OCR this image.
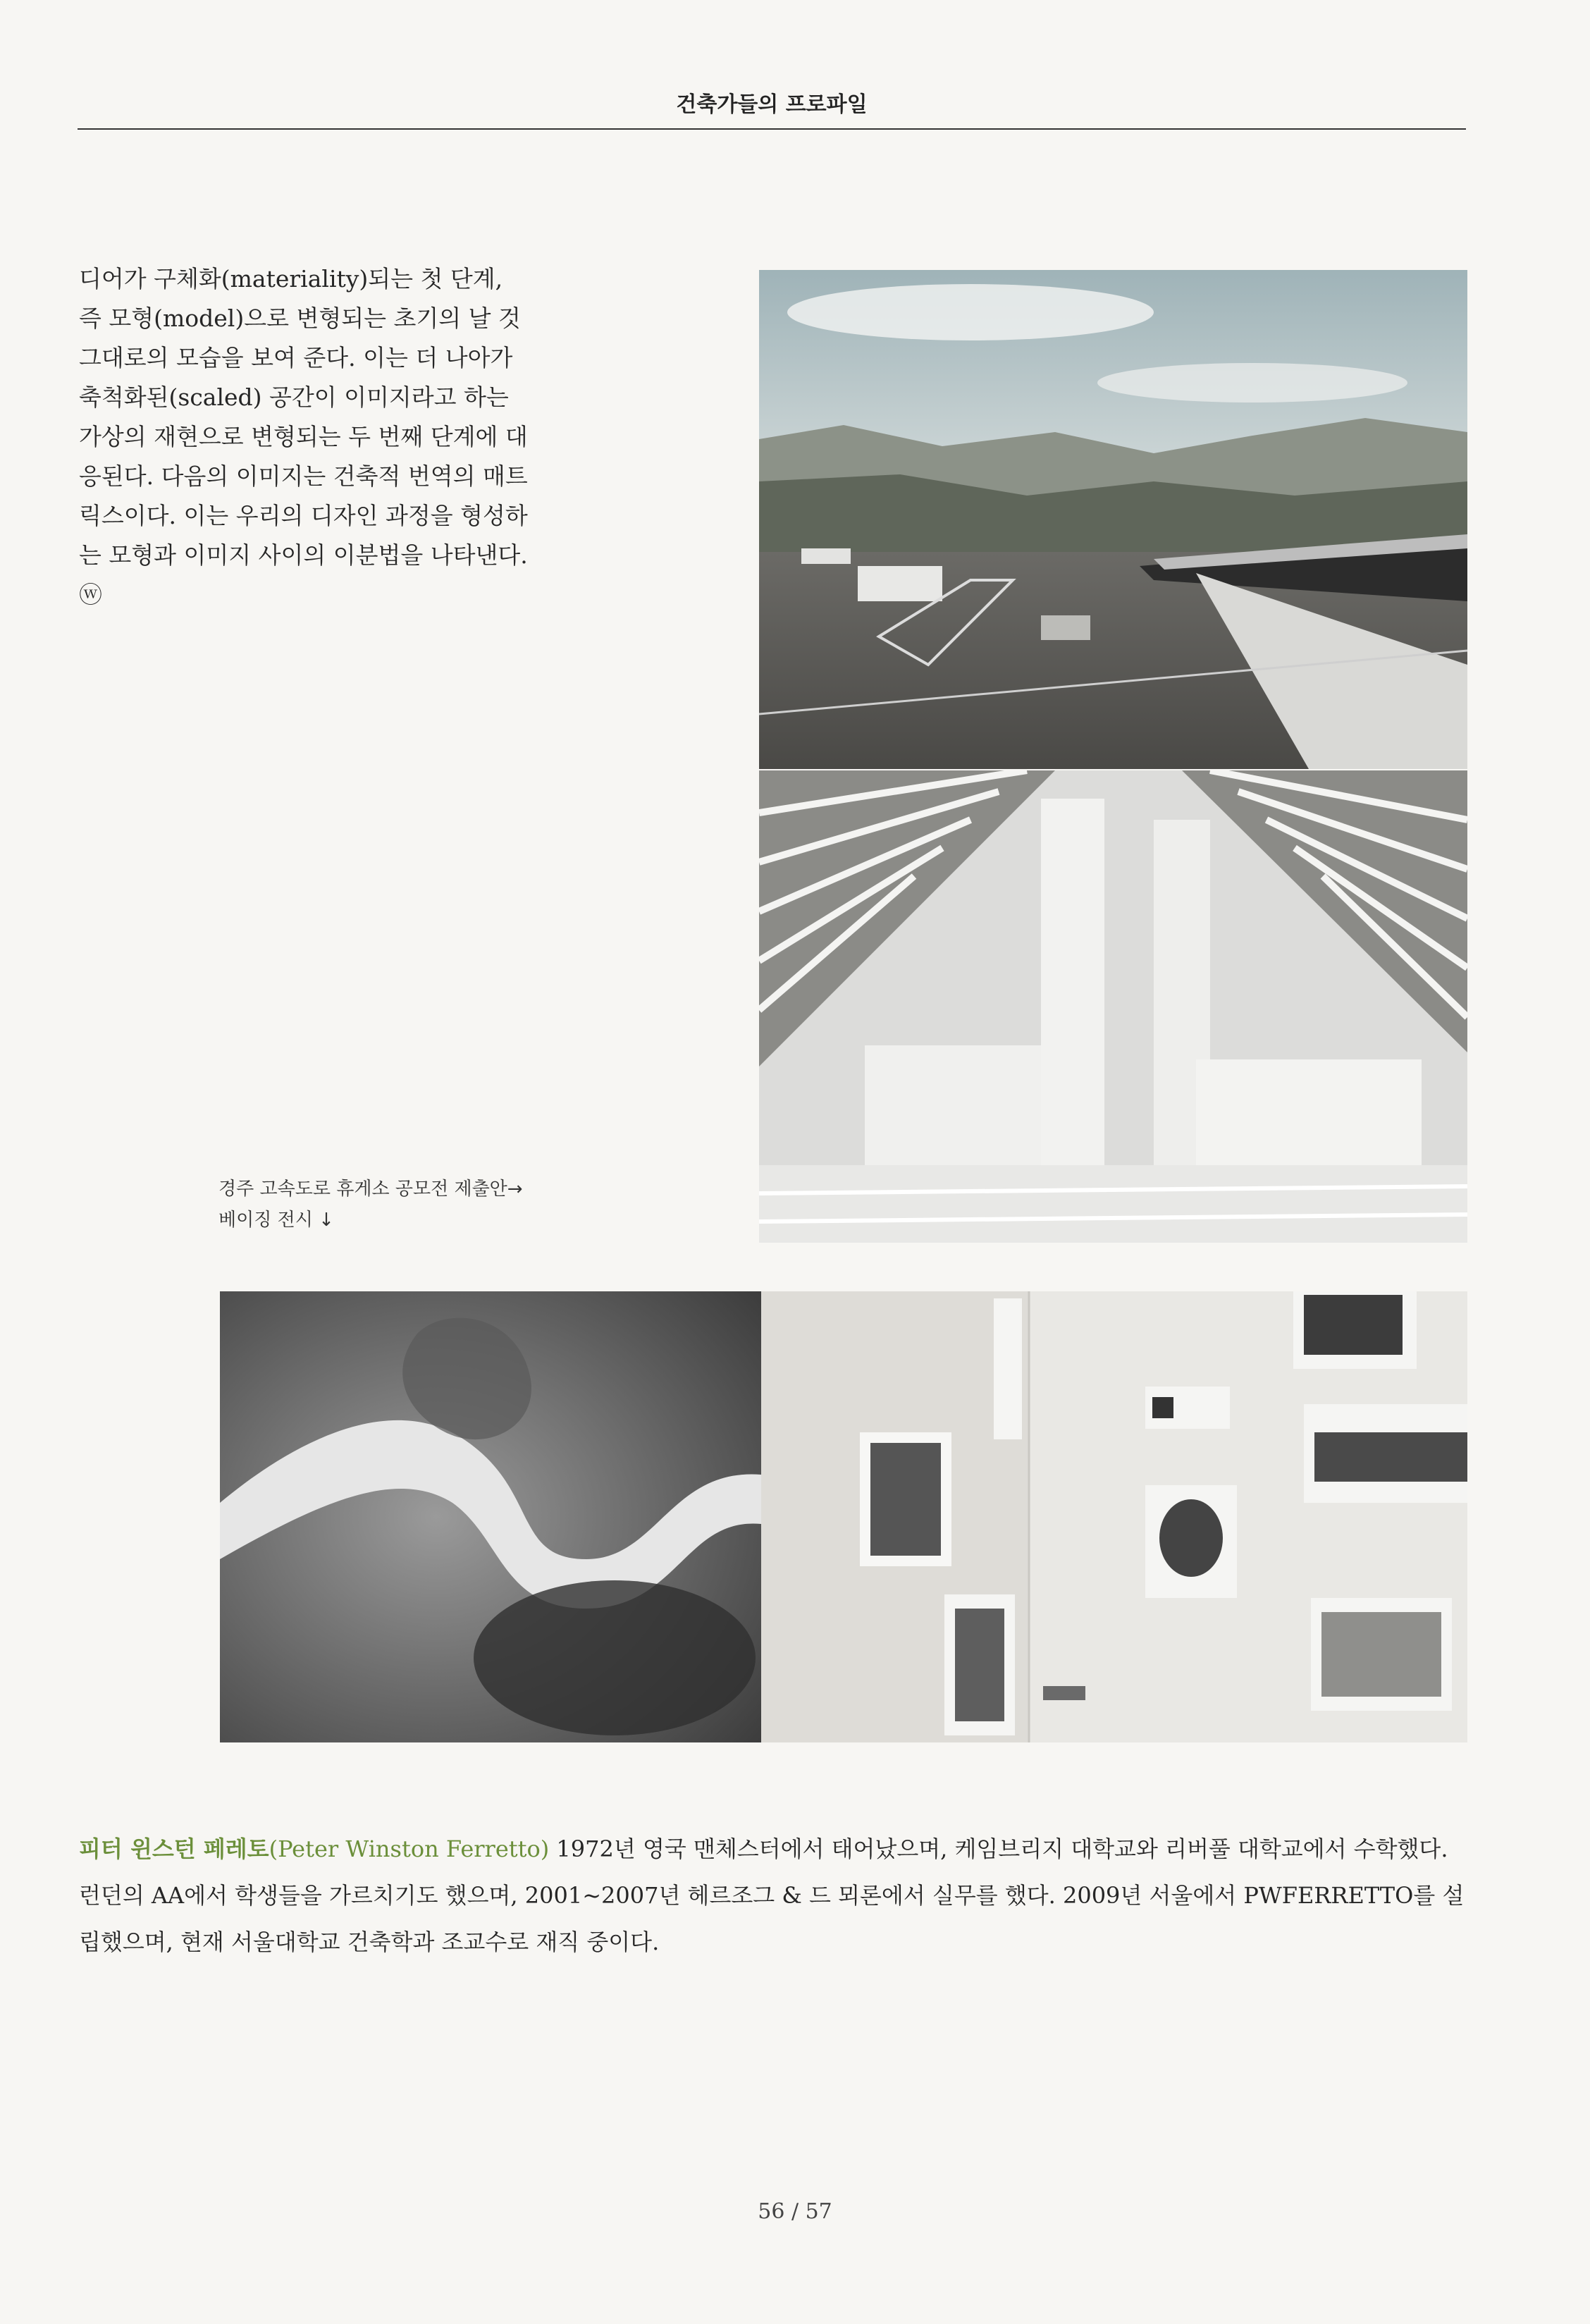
건축가들의 프로파일

디어가 구체화(materiality)되는 첫 단계, 즉 모형(model)으로 변형되는 초기의 날 것 그대로의 모습을 보여 준다. 이는 더 나아가 축척화된(scaled) 공간이 이미지라고 하는 가상의 재현으로 변형되는 두 번째 단계에 대응된다. 다음의 이미지는 건축적 번역의 매트릭스이다. 이는 우리의 디자인 과정을 형성하는 모형과 이미지 사이의 이분법을 나타낸다. ⓦ

경주 고속도로 휴게소 공모전 제출안→
베이징 전시 ↓

피터 윈스턴 페레토(Peter Winston Ferretto) 1972년 영국 맨체스터에서 태어났으며, 케임브리지 대학교와 리버풀 대학교에서 수학했다. 런던의 AA에서 학생들을 가르치기도 했으며, 2001~2007년 헤르조그 & 드 뫼론에서 실무를 했다. 2009년 서울에서 PWFERRETTO를 설립했으며, 현재 서울대학교 건축학과 조교수로 재직 중이다.

56 / 57
